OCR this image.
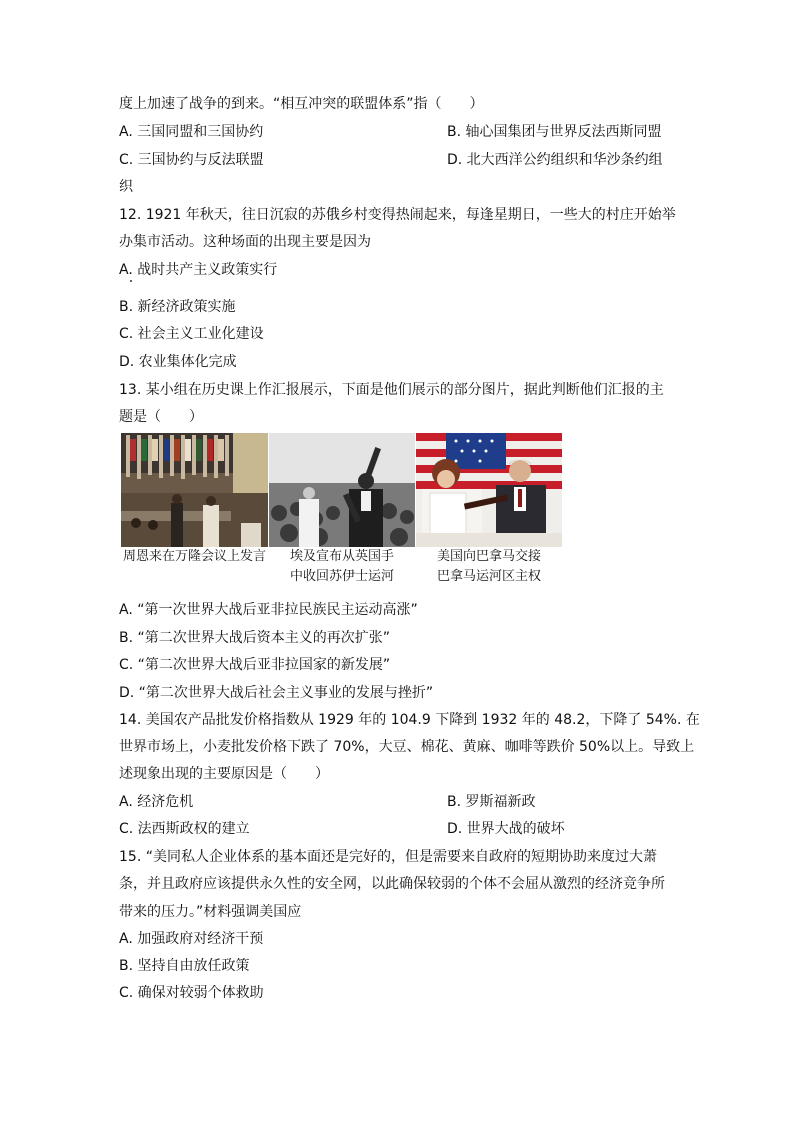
度上加速了战争的到来。“相互冲突的联盟体系”指（　　）
A. 三国同盟和三国协约	B. 轴心国集团与世界反法西斯同盟
C. 三国协约与反法联盟	D. 北大西洋公约组织和华沙条约组
织
12. 1921 年秋天，往日沉寂的苏俄乡村变得热闹起来，每逢星期日，一些大的村庄开始举
办集市活动。这种场面的出现主要是因为
A. 战时共产主义政策实行
B. 新经济政策实施
C. 社会主义工业化建设
D. 农业集体化完成
13. 某小组在历史课上作汇报展示，下面是他们展示的部分图片，据此判断他们汇报的主
题是（　　）
周恩来在万隆会议上发言	埃及宣布从英国手
中收回苏伊士运河
美国向巴拿马交接
巴拿马运河区主权
A. “第一次世界大战后亚非拉民族民主运动高涨”
B. “第二次世界大战后资本主义的再次扩张”
C. “第二次世界大战后亚非拉国家的新发展”
D. “第二次世界大战后社会主义事业的发展与挫折”
14. 美国农产品批发价格指数从 1929 年的 104.9 下降到 1932 年的 48.2，下降了 54%. 在
世界市场上，小麦批发价格下跌了 70%，大豆、棉花、黄麻、咖啡等跌价 50%以上。导致上
述现象出现的主要原因是（　　）
A. 经济危机	B. 罗斯福新政
C. 法西斯政权的建立	D. 世界大战的破坏
15. “美同私人企业体系的基本面还是完好的，但是需要来自政府的短期协助来度过大萧
条，并且政府应该提供永久性的安全网，以此确保较弱的个体不会屈从激烈的经济竞争所
带来的压力。”材料强调美国应
A. 加强政府对经济干预
B. 坚持自由放任政策
C. 确保对较弱个体救助
